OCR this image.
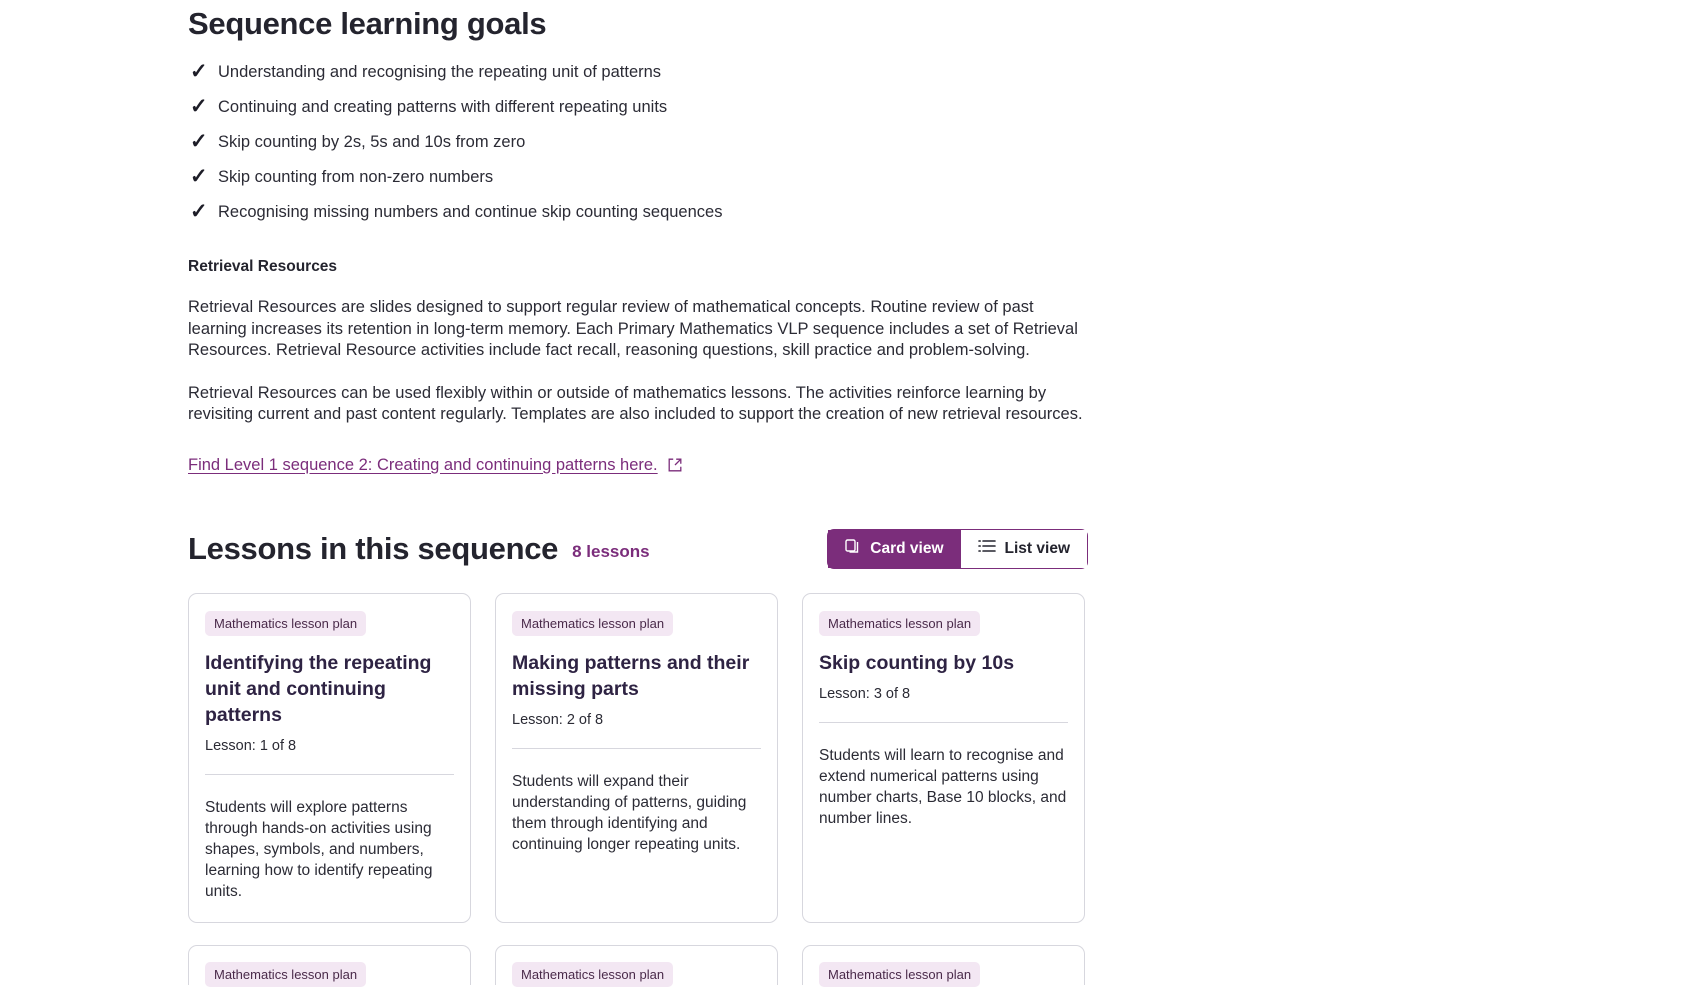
Sequence learning goals
✓ Understanding and recognising the repeating unit of patterns
✓ Continuing and creating patterns with different repeating units
✓ Skip counting by 2s, 5s and 10s from zero
✓ Skip counting from non-zero numbers
✓ Recognising missing numbers and continue skip counting sequences
Retrieval Resources

Retrieval Resources are slides designed to support regular review of mathematical concepts. Routine review of past learning increases its retention in long-term memory. Each Primary Mathematics VLP sequence includes a set of Retrieval Resources. Retrieval Resource activities include fact recall, reasoning questions, skill practice and problem-solving.

Retrieval Resources can be used flexibly within or outside of mathematics lessons. The activities reinforce learning by revisiting current and past content regularly. Templates are also included to support the creation of new retrieval resources.

Find Level 1 sequence 2: Creating and continuing patterns here.
Lessons in this sequence 8 lessons	Card view	List view
Mathematics lesson plan
Identifying the repeating unit and continuing patterns

Lesson: 1 of 8

Students will explore patterns through hands-on activities using shapes, symbols, and numbers, learning how to identify repeating units.

Mathematics lesson plan
Making patterns and their missing parts

Lesson: 2 of 8

Students will expand their understanding of patterns, guiding them through identifying and continuing longer repeating units.

Mathematics lesson plan
Skip counting by 10s

Lesson: 3 of 8

Students will learn to recognise and extend numerical patterns using number charts, Base 10 blocks, and number lines.

Mathematics lesson plan	Mathematics lesson plan	Mathematics lesson plan
